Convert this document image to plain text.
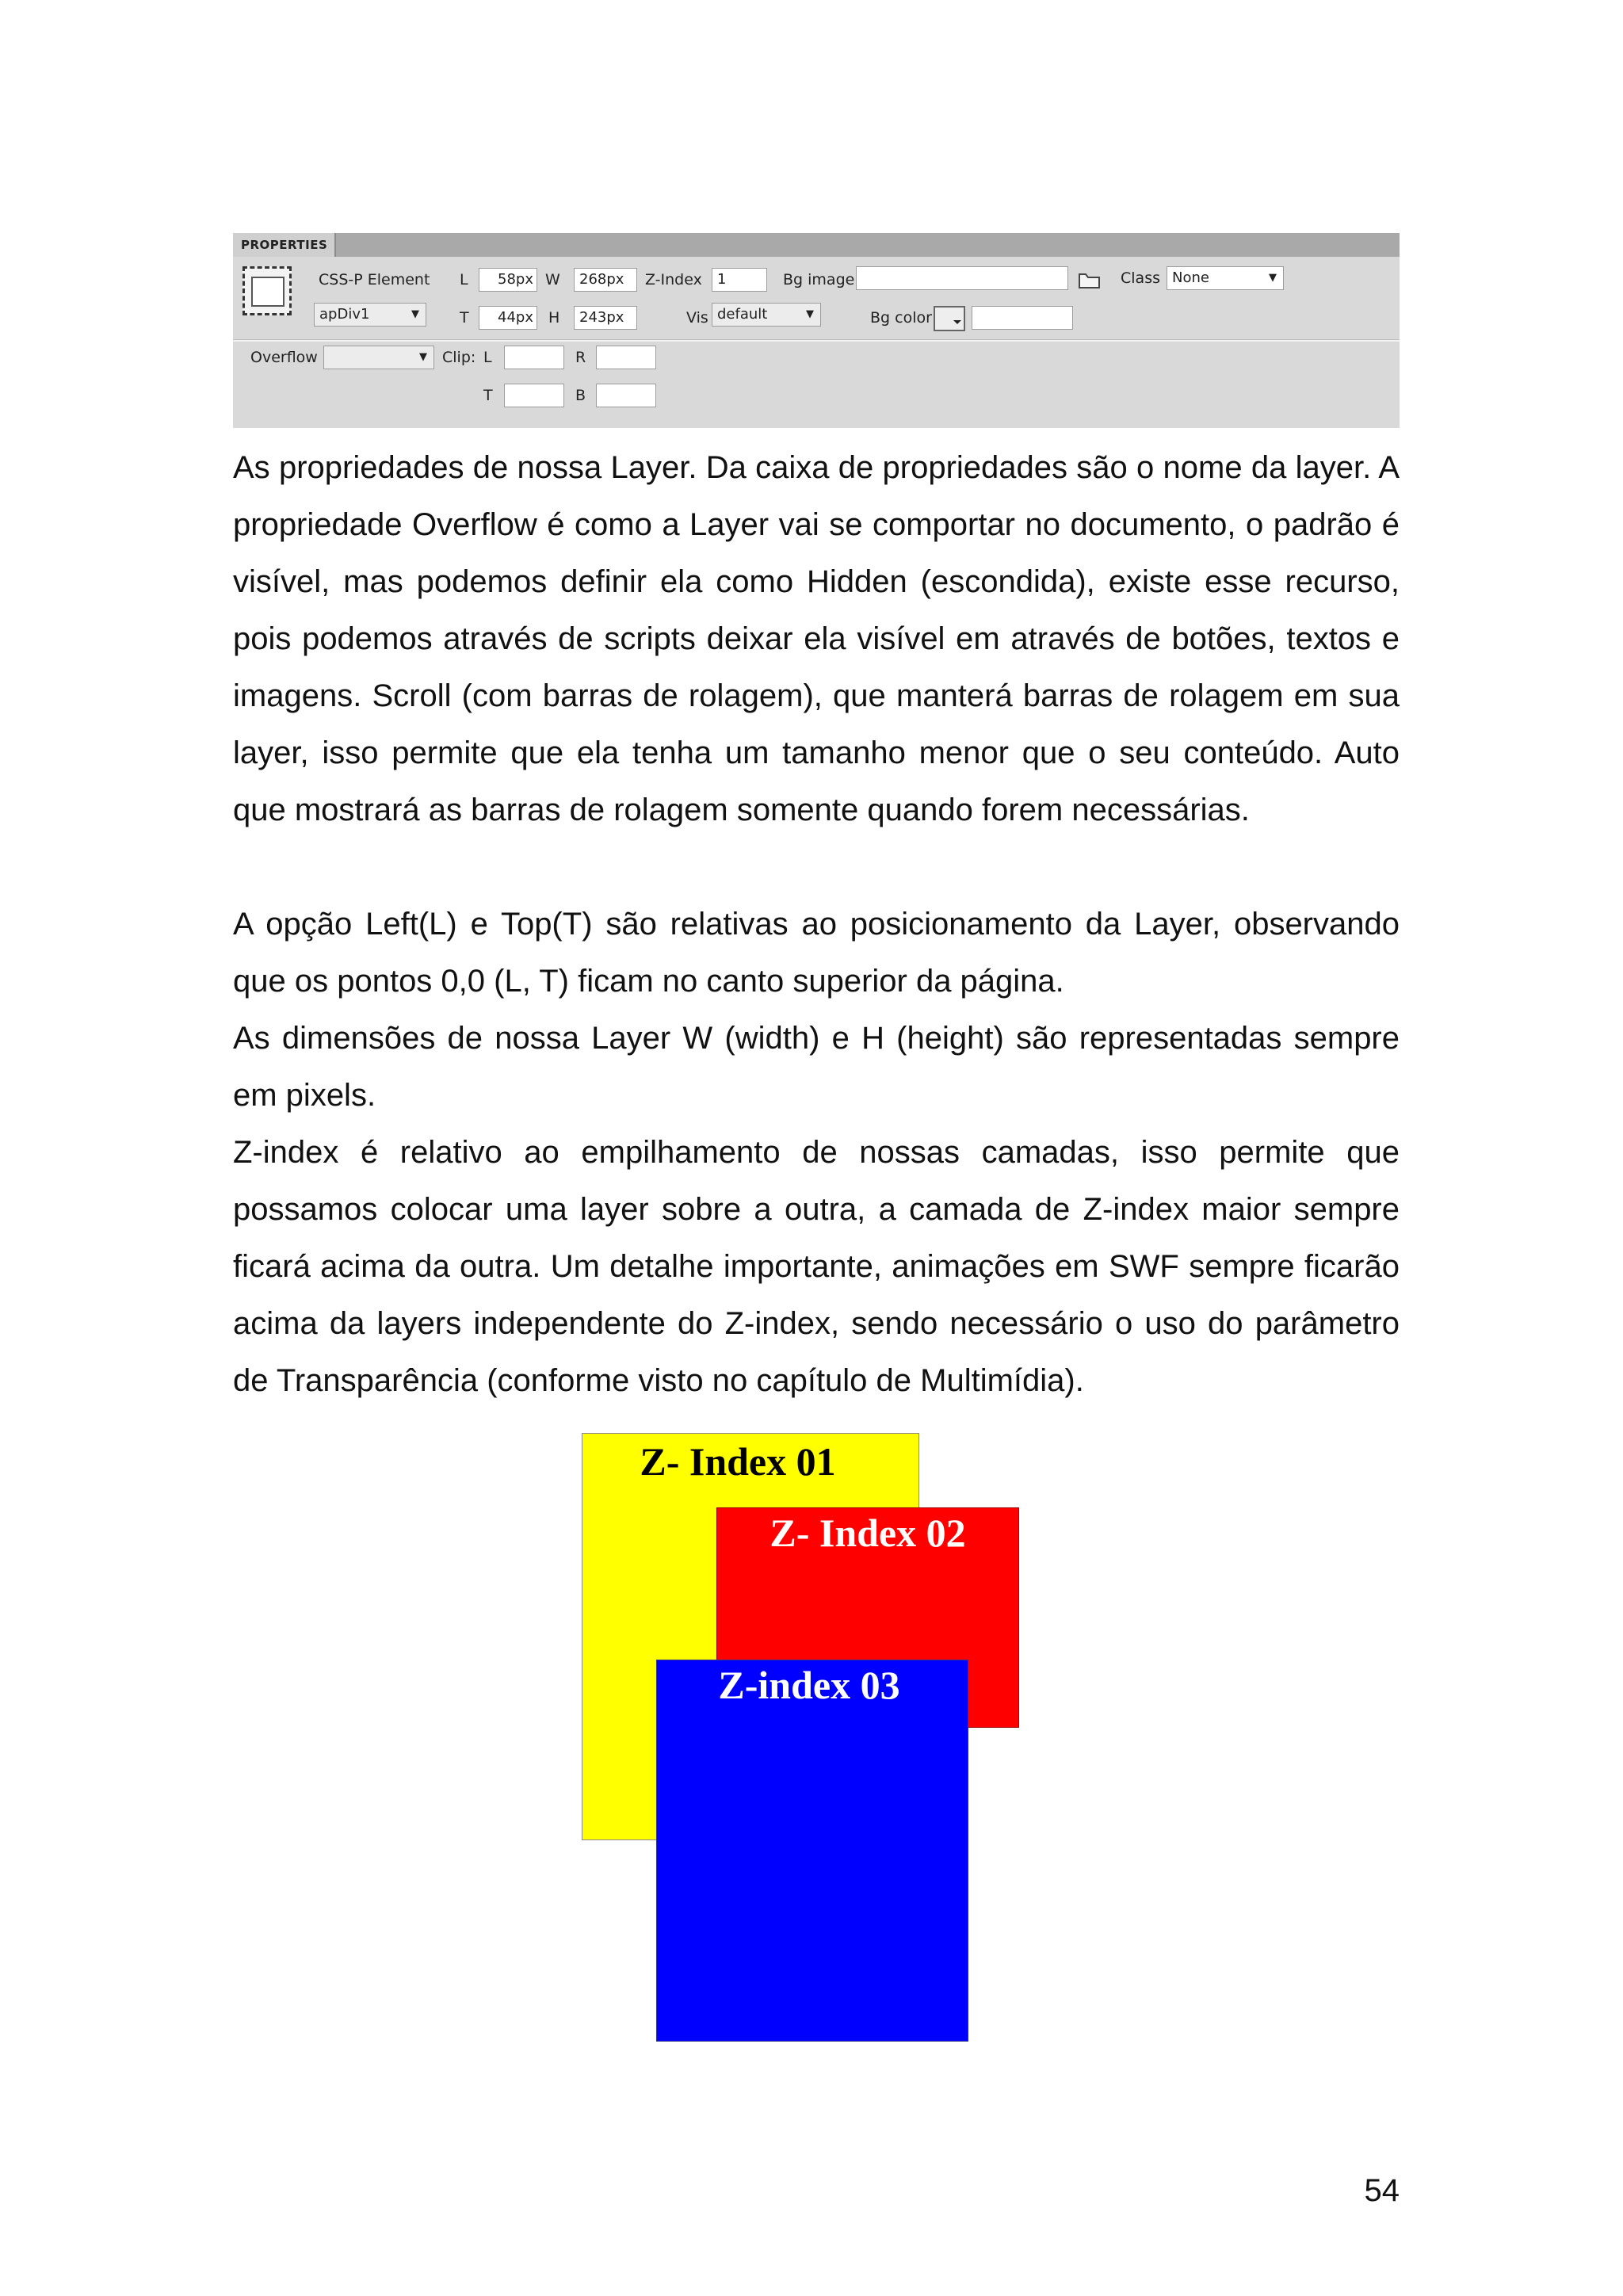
PROPERTIES
CSS-P Element
apDiv1 ▼
L	58px
T	44px
W	268px
H	243px
Z-Index	1
Vis default ▼
Bg image
Bg color
Class None ▼
Overflow
▼	Clip: L	R
T	B

As propriedades de nossa Layer. Da caixa de propriedades são o nome da layer. A propriedade Overflow é como a Layer vai se comportar no documento, o padrão é visível, mas podemos definir ela como Hidden (escondida), existe esse recurso, pois podemos através de scripts deixar ela visível em através de botões, textos e imagens. Scroll (com barras de rolagem), que manterá barras de rolagem em sua layer, isso permite que ela tenha um tamanho menor que o seu conteúdo. Auto que mostrará as barras de rolagem somente quando forem necessárias.

A opção Left(L) e Top(T) são relativas ao posicionamento da Layer, observando que os pontos 0,0 (L, T) ficam no canto superior da página.

As dimensões de nossa Layer W (width) e H (height) são representadas sempre em pixels.

Z-index é relativo ao empilhamento de nossas camadas, isso permite que possamos colocar uma layer sobre a outra, a camada de Z-index maior sempre ficará acima da outra. Um detalhe importante, animações em SWF sempre ficarão acima da layers independente do Z-index, sendo necessário o uso do parâmetro de Transparência (conforme visto no capítulo de Multimídia).

Z- Index 01
Z- Index 02
Z-index 03
54
